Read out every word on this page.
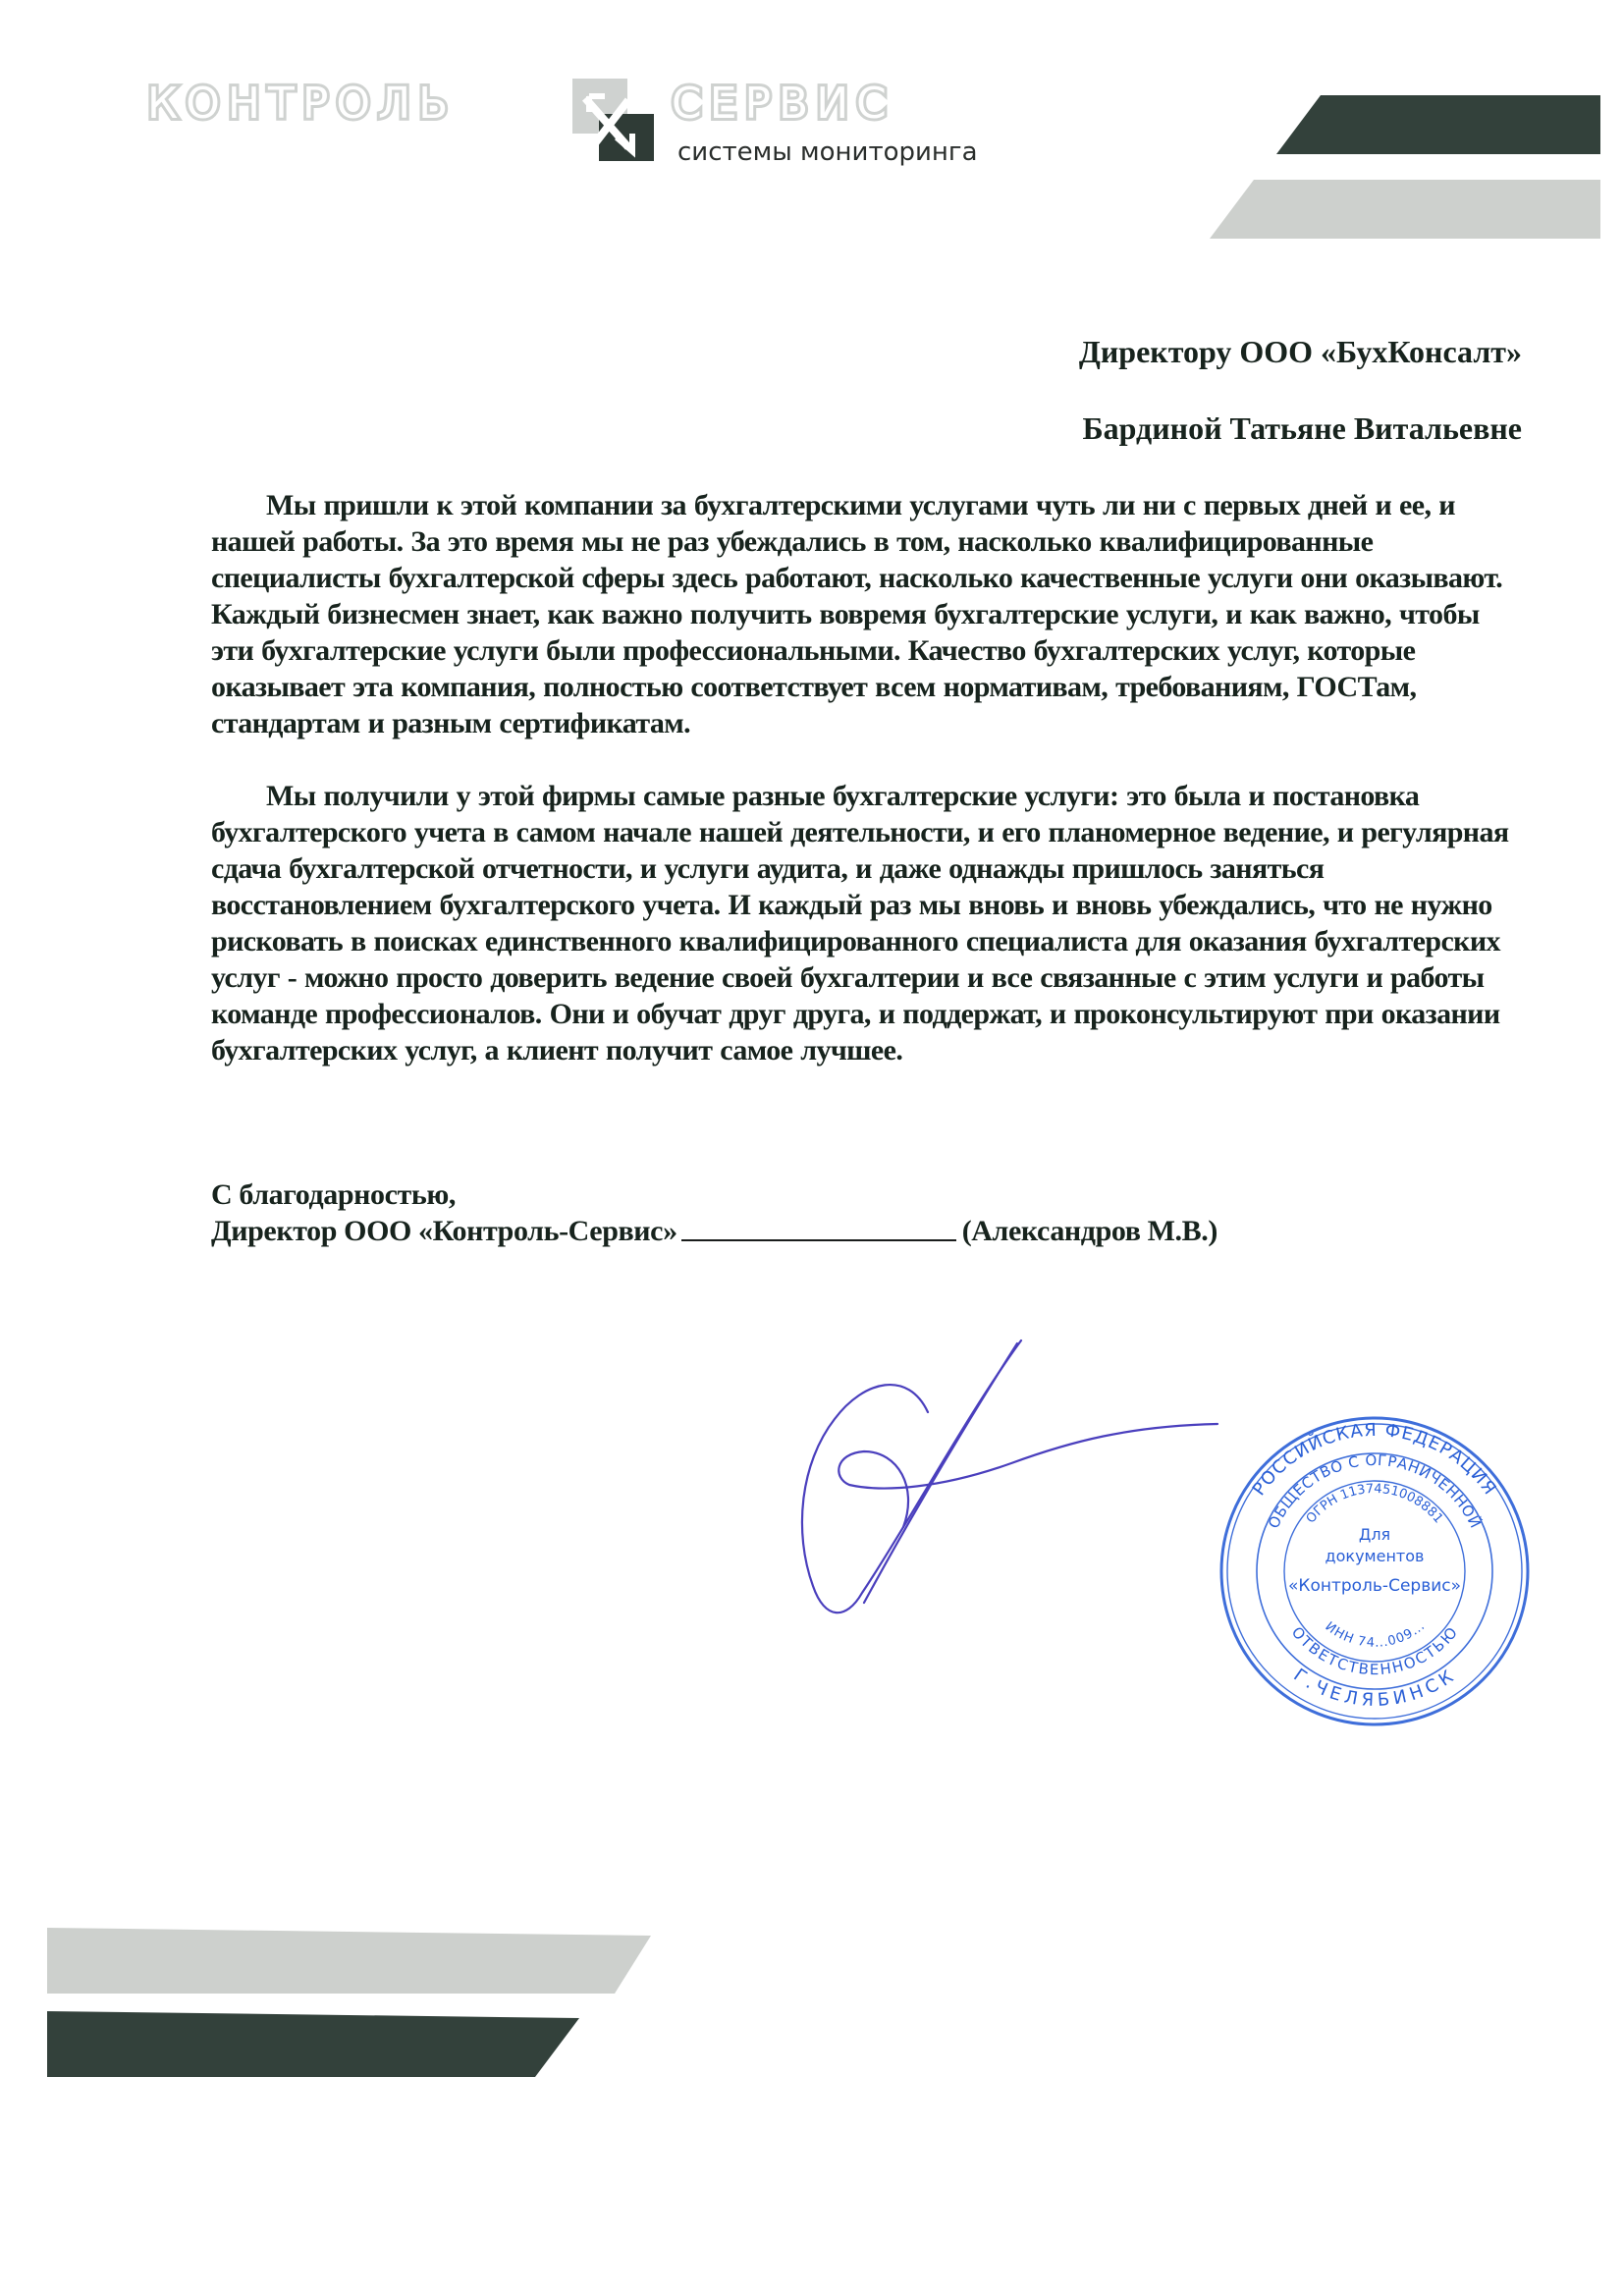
КОНТРОЛЬ	СЕРВИС
системы мониторинга
Директору ООО «БухКонсалт»
Бардиной Татьяне Витальевне

Мы пришли к этой компании за бухгалтерскими услугами чуть ли ни с первых дней и ее, и нашей работы. За это время мы не раз убеждались в том, насколько квалифицированные специалисты бухгалтерской сферы здесь работают, насколько качественные услуги они оказывают. Каждый бизнесмен знает, как важно получить вовремя бухгалтерские услуги, и как важно, чтобы эти бухгалтерские услуги были профессиональными. Качество бухгалтерских услуг, которые оказывает эта компания, полностью соответствует всем нормативам, требованиям, ГОСТам, стандартам и разным сертификатам.

Мы получили у этой фирмы самые разные бухгалтерские услуги: это была и постановка бухгалтерского учета в самом начале нашей деятельности, и его планомерное ведение, и регулярная сдача бухгалтерской отчетности, и услуги аудита, и даже однажды пришлось заняться восстановлением бухгалтерского учета. И каждый раз мы вновь и вновь убеждались, что не нужно рисковать в поисках единственного квалифицированного специалиста для оказания бухгалтерских услуг - можно просто доверить ведение своей бухгалтерии и все связанные с этим услуги и работы команде профессионалов. Они и обучат друг друга, и поддержат, и проконсультируют при оказании бухгалтерских услуг, а клиент получит самое лучшее.

С благодарностью,
Директор ООО «Контроль-Сервис»	(Александров М.В.)
РОССИЙСКАЯ ФЕДЕРАЦИЯ
Г.ЧЕЛЯБИНСК
ОБЩЕСТВО С ОГРАНИЧЕННОЙ
ОТВЕТСТВЕННОСТЬЮ
ОГРН 1137451008881
ИНН 74...009...
Для
документов
«Контроль-Сервис»
